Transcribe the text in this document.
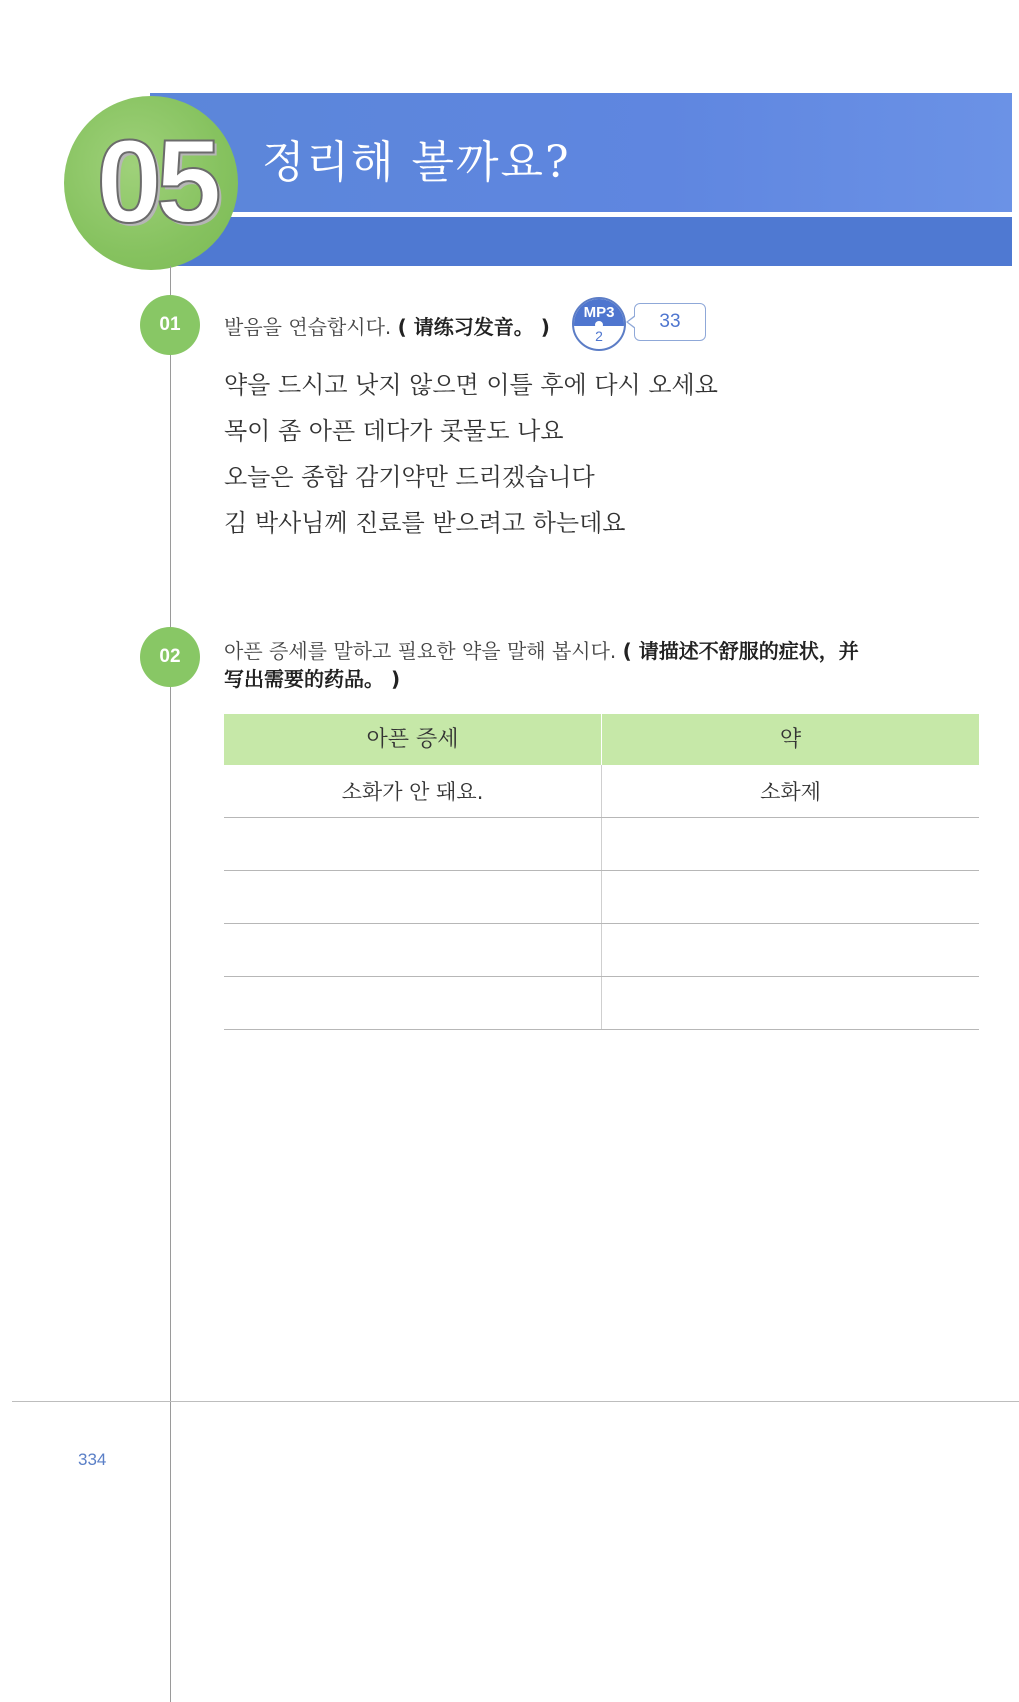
05 정리해 볼까요?
01	발음을 연습합시다. ( 请练习发音。 )
MP3
2
33
약을 드시고 낫지 않으면 이틀 후에 다시 오세요
목이 좀 아픈 데다가 콧물도 나요
오늘은 종합 감기약만 드리겠습니다
김 박사님께 진료를 받으려고 하는데요
02	아픈 증세를 말하고 필요한 약을 말해 봅시다. ( 请描述不舒服的症状，并
写出需要的药品。 )
아픈 증세	약
소화가 안 돼요.	소화제
334
